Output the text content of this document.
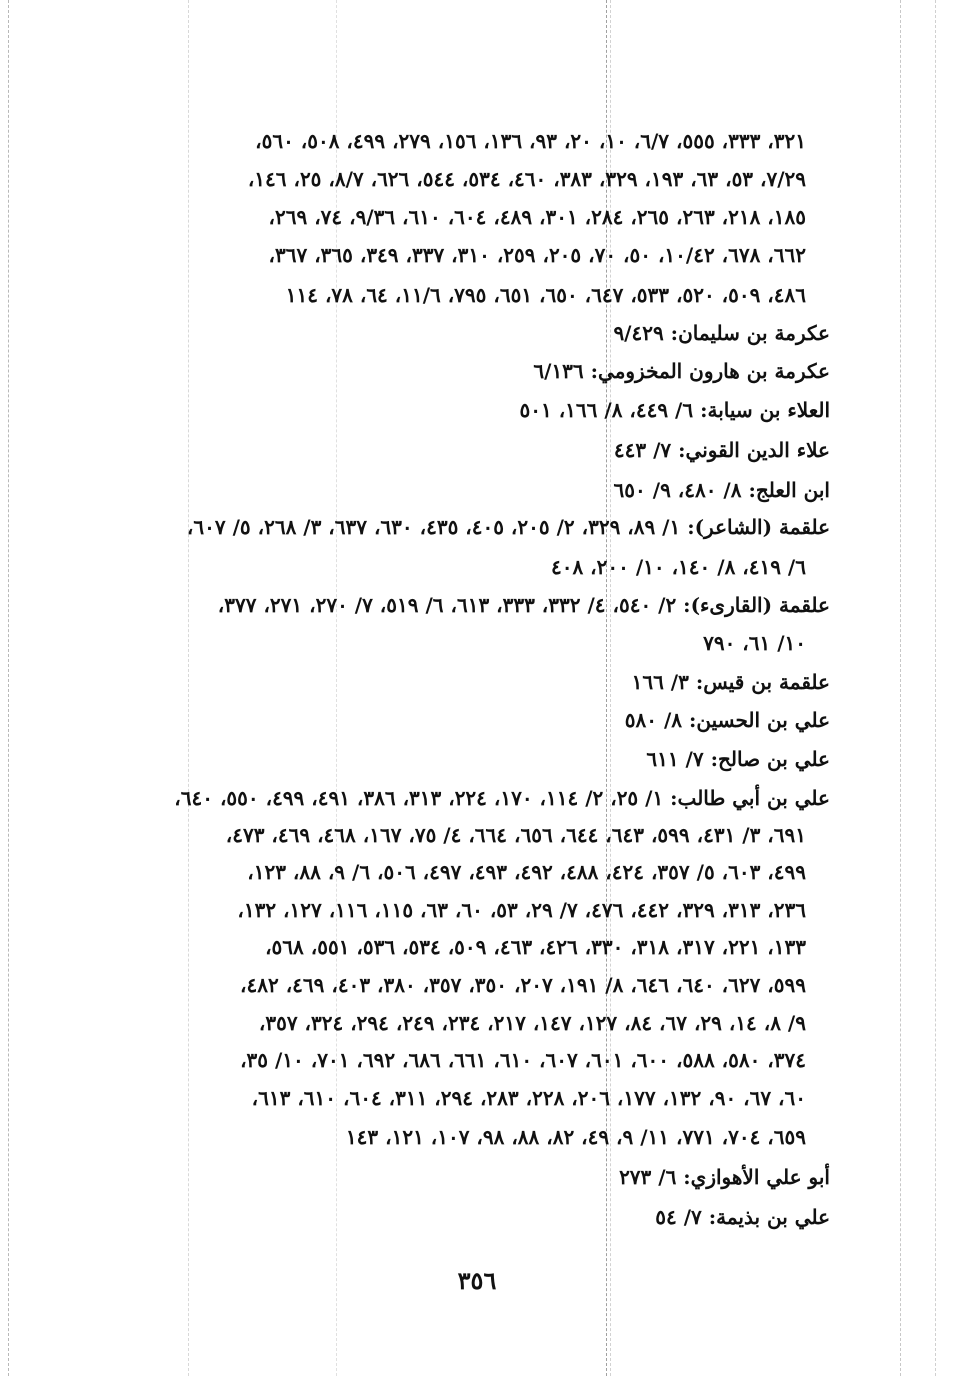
٣٢١، ٣٣٣، ٥٥٥، ٦/٧، ١٠، ٢٠، ٩٣، ١٣٦، ١٥٦، ٢٧٩، ٤٩٩، ٥٠٨، ٥٦٠،
٧/٢٩، ٥٣، ٦٣، ١٩٣، ٣٢٩، ٣٨٣، ٤٦٠، ٥٣٤، ٥٤٤، ٦٢٦، ٨/٧، ٢٥، ١٤٦،
١٨٥، ٢١٨، ٢٦٣، ٢٦٥، ٢٨٤، ٣٠١، ٤٨٩، ٦٠٤، ٦١٠، ٩/٣٦، ٧٤، ٢٦٩،
٦٦٢، ٦٧٨، ١٠/٤٢، ٥٠، ٧٠، ٢٠٥، ٢٥٩، ٣١٠، ٣٣٧، ٣٤٩، ٣٦٥، ٣٦٧،
٤٨٦، ٥٠٩، ٥٢٠، ٥٣٣، ٦٤٧، ٦٥٠، ٦٥١، ٧٩٥، ١١/٦، ٦٤، ٧٨، ١١٤
عكرمة بن سليمان: ٩/٤٢٩
عكرمة بن هارون المخزومي: ٦/١٣٦
العلاء بن سيابة: ٦/ ٤٤٩، ٨/ ١٦٦، ٥٠١
علاء الدين القوني: ٧/ ٤٤٣
ابن العلج: ٨/ ٤٨٠، ٩/ ٦٥٠
علقمة (الشاعر): ١/ ٨٩، ٣٢٩، ٢/ ٢٠٥، ٤٠٥، ٤٣٥، ٦٣٠، ٦٣٧، ٣/ ٢٦٨، ٥/ ٦٠٧،
٦/ ٤١٩، ٨/ ١٤٠، ١٠/ ٢٠٠، ٤٠٨
علقمة (القارىء): ٢/ ٥٤٠، ٤/ ٣٣٢، ٣٣٣، ٦١٣، ٦/ ٥١٩، ٧/ ٢٧٠، ٢٧١، ٣٧٧،
١٠/ ٦١، ٧٩٠
علقمة بن قيس: ٣/ ١٦٦
علي بن الحسين: ٨/ ٥٨٠
علي بن صالح: ٧/ ٦١١
علي بن أبي طالب: ١/ ٢٥، ٢/ ١١٤، ١٧٠، ٢٢٤، ٣١٣، ٣٨٦، ٤٩١، ٤٩٩، ٥٥٠، ٦٤٠،
٦٩١، ٣/ ٤٣١، ٥٩٩، ٦٤٣، ٦٤٤، ٦٥٦، ٦٦٤، ٤/ ٧٥، ١٦٧، ٤٦٨، ٤٦٩، ٤٧٣،
٤٩٩، ٦٠٣، ٥/ ٣٥٧، ٤٢٤، ٤٨٨، ٤٩٢، ٤٩٣، ٤٩٧، ٥٠٦، ٦/ ٩، ٨٨، ١٢٣،
٢٣٦، ٣١٣، ٣٢٩، ٤٤٢، ٤٧٦، ٧/ ٢٩، ٥٣، ٦٠، ٦٣، ١١٥، ١١٦، ١٢٧، ١٣٢،
١٣٣، ٢٢١، ٣١٧، ٣١٨، ٣٣٠، ٤٢٦، ٤٦٣، ٥٠٩، ٥٣٤، ٥٣٦، ٥٥١، ٥٦٨،
٥٩٩، ٦٢٧، ٦٤٠، ٦٤٦، ٨/ ١٩١، ٢٠٧، ٣٥٠، ٣٥٧، ٣٨٠، ٤٠٣، ٤٦٩، ٤٨٢،
٩/ ٨، ١٤، ٢٩، ٦٧، ٨٤، ١٢٧، ١٤٧، ٢١٧، ٢٣٤، ٢٤٩، ٢٩٤، ٣٢٤، ٣٥٧،
٣٧٤، ٥٨٠، ٥٨٨، ٦٠٠، ٦٠١، ٦٠٧، ٦١٠، ٦٦١، ٦٨٦، ٦٩٢، ٧٠١، ١٠/ ٣٥،
٦٠، ٦٧، ٩٠، ١٣٢، ١٧٧، ٢٠٦، ٢٢٨، ٢٨٣، ٢٩٤، ٣١١، ٦٠٤، ٦١٠، ٦١٣،
٦٥٩، ٧٠٤، ٧٧١، ١١/ ٩، ٤٩، ٨٢، ٨٨، ٩٨، ١٠٧، ١٢١، ١٤٣
أبو علي الأهوازي: ٦/ ٢٧٣
علي بن بذيمة: ٧/ ٥٤
٣٥٦
